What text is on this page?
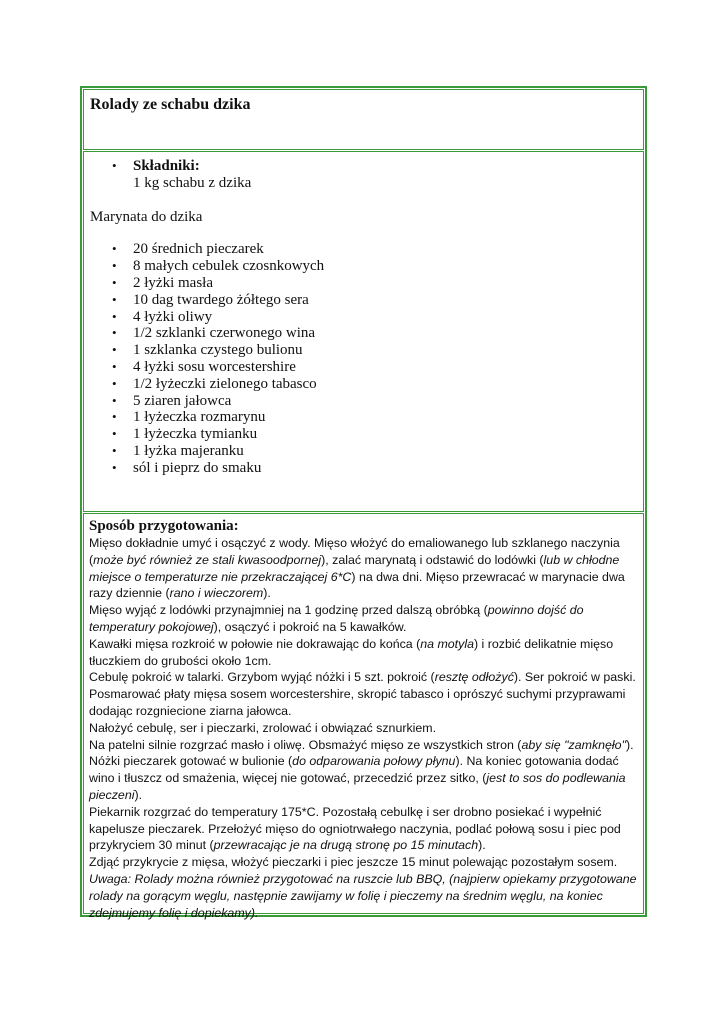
Rolady ze schabu dzika
• Składniki:
1 kg schabu z dzika
Marynata do dzika
• 20 średnich pieczarek
• 8 małych cebulek czosnkowych
• 2 łyżki masła
• 10 dag twardego żółtego sera
• 4 łyżki oliwy
• 1/2 szklanki czerwonego wina
• 1 szklanka czystego bulionu
• 4 łyżki sosu worcestershire
• 1/2 łyżeczki zielonego tabasco
• 5 ziaren jałowca
• 1 łyżeczka rozmarynu
• 1 łyżeczka tymianku
• 1 łyżka majeranku
• sól i pieprz do smaku
Sposób przygotowania:

Mięso dokładnie umyć i osączyć z wody. Mięso włożyć do emaliowanego lub szklanego naczynia (może być również ze stali kwasoodpornej), zalać marynatą i odstawić do lodówki (lub w chłodne miejsce o temperaturze nie przekraczającej 6*C) na dwa dni. Mięso przewracać w marynacie dwa razy dziennie (rano i wieczorem).

Mięso wyjąć z lodówki przynajmniej na 1 godzinę przed dalszą obróbką (powinno dojść do temperatury pokojowej), osączyć i pokroić na 5 kawałków.

Kawałki mięsa rozkroić w połowie nie dokrawając do końca (na motyla) i rozbić delikatnie mięso tłuczkiem do grubości około 1cm.

Cebulę pokroić w talarki. Grzybom wyjąć nóżki i 5 szt. pokroić (resztę odłożyć). Ser pokroić w paski.

Posmarować płaty mięsa sosem worcestershire, skropić tabasco i oprószyć suchymi przyprawami dodając rozgniecione ziarna jałowca.

Nałożyć cebulę, ser i pieczarki, zrolować i obwiązać sznurkiem.

Na patelni silnie rozgrzać masło i oliwę. Obsmażyć mięso ze wszystkich stron (aby się "zamknęło").

Nóżki pieczarek gotować w bulionie (do odparowania połowy płynu). Na koniec gotowania dodać wino i tłuszcz od smażenia, więcej nie gotować, przecedzić przez sitko, (jest to sos do podlewania pieczeni).

Piekarnik rozgrzać do temperatury 175*C. Pozostałą cebulkę i ser drobno posiekać i wypełnić kapelusze pieczarek. Przełożyć mięso do ogniotrwałego naczynia, podlać połową sosu i piec pod przykryciem 30 minut (przewracając je na drugą stronę po 15 minutach).

Zdjąć przykrycie z mięsa, włożyć pieczarki i piec jeszcze 15 minut polewając pozostałym sosem.

Uwaga: Rolady można również przygotować na ruszcie lub BBQ, (najpierw opiekamy przygotowane rolady na gorącym węglu, następnie zawijamy w folię i pieczemy na średnim węglu, na koniec zdejmujemy folię i dopiekamy).
